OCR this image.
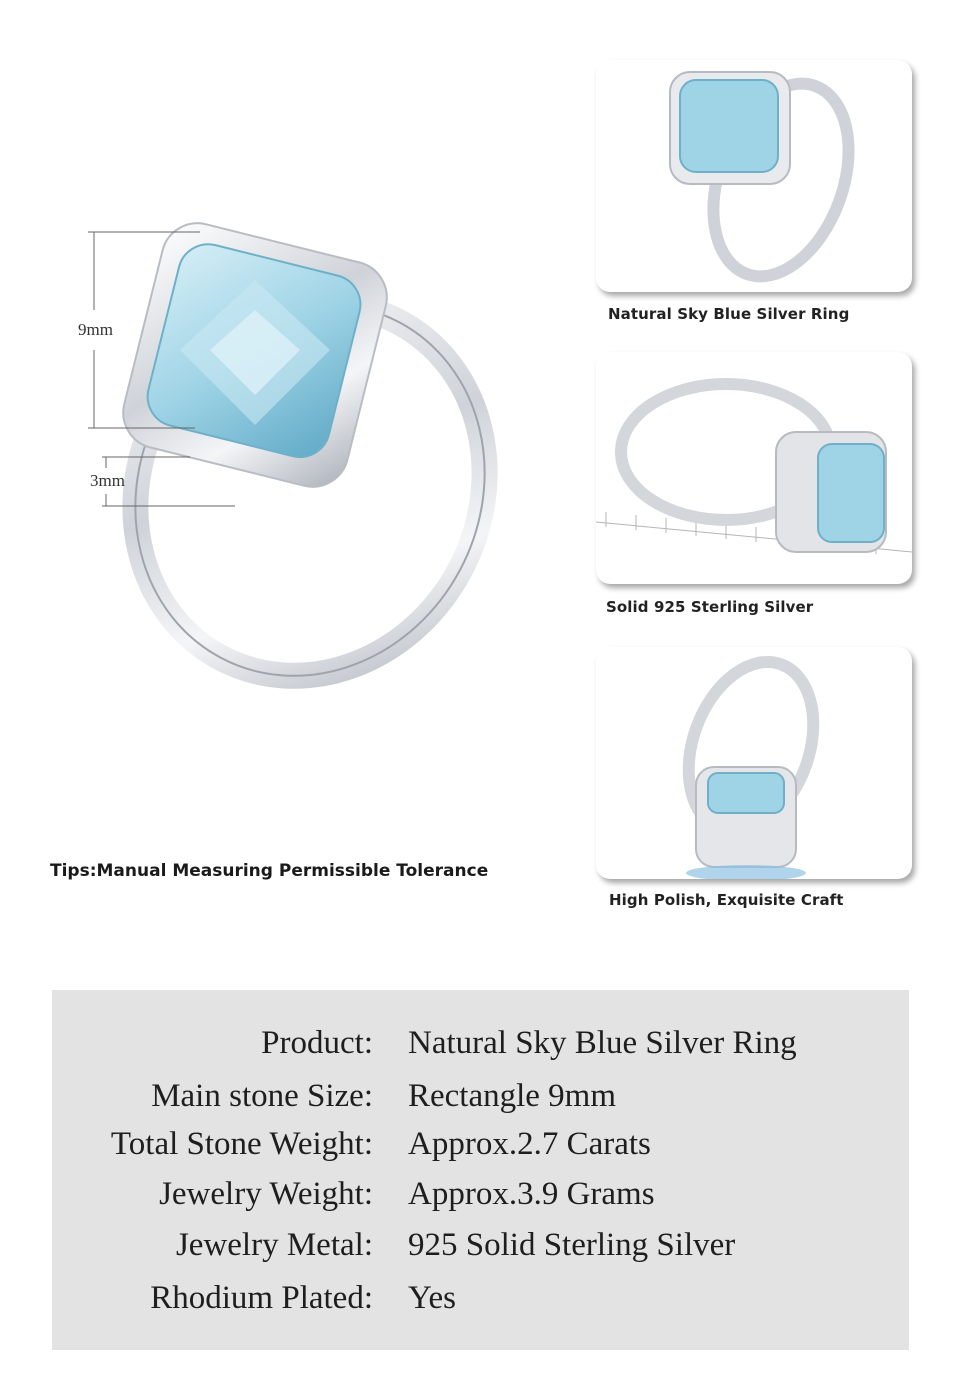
9mm
3mm
Tips:Manual Measuring Permissible Tolerance
Natural Sky Blue Silver Ring
Solid 925 Sterling Silver
High Polish, Exquisite Craft
Product: Natural Sky Blue Silver Ring
Main stone Size: Rectangle 9mm
Total Stone Weight: Approx.2.7 Carats
Jewelry Weight: Approx.3.9 Grams
Jewelry Metal: 925 Solid Sterling Silver
Rhodium Plated: Yes
